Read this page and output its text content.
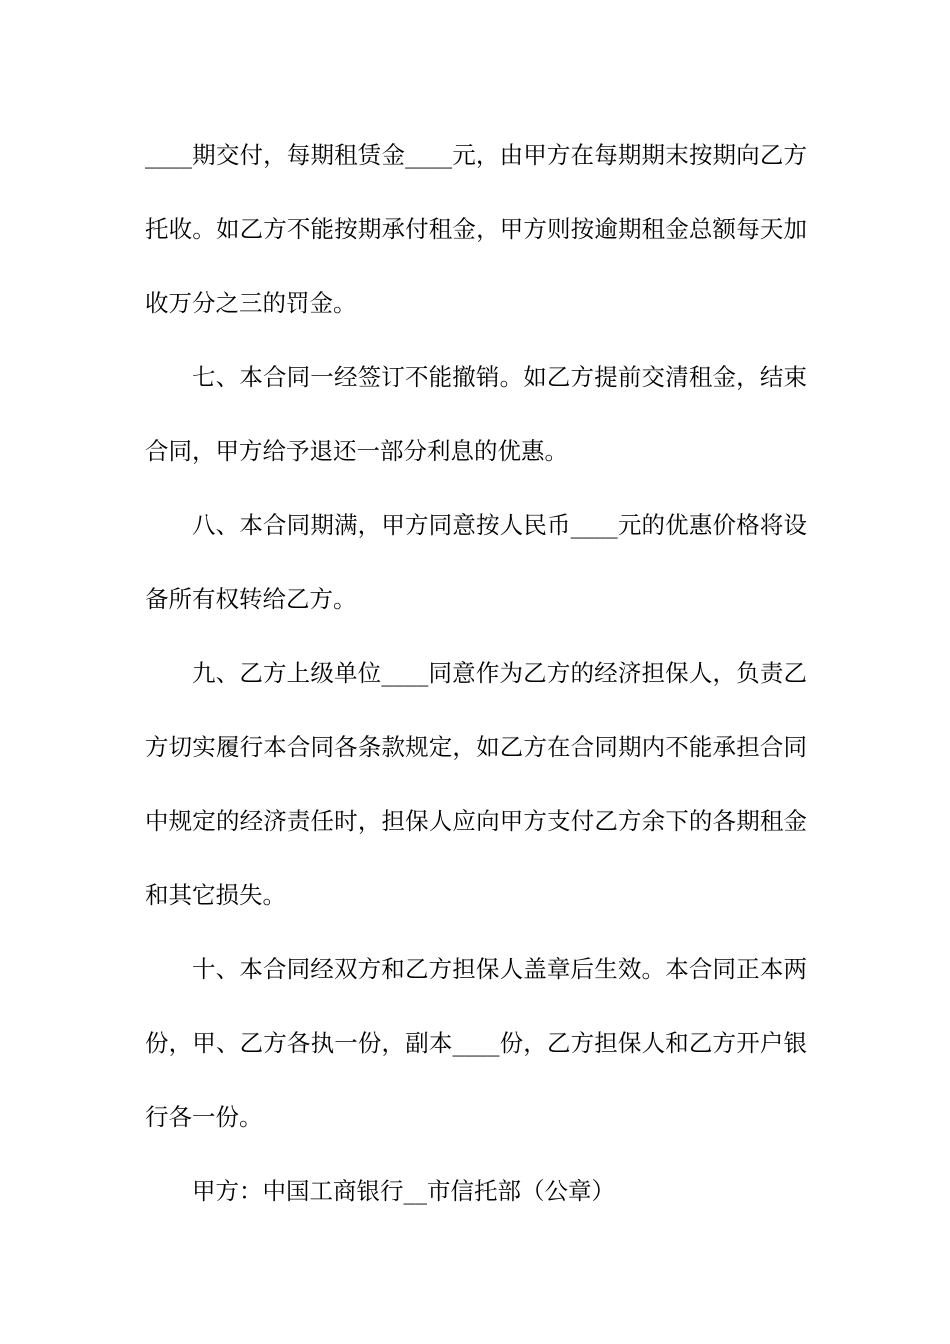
____期交付，每期租赁金____元，由甲方在每期期末按期向乙方托收。如乙方不能按期承付租金，甲方则按逾期租金总额每天加收万分之三的罚金。

七、本合同一经签订不能撤销。如乙方提前交清租金，结束合同，甲方给予退还一部分利息的优惠。

八、本合同期满，甲方同意按人民币____元的优惠价格将设备所有权转给乙方。

九、乙方上级单位____同意作为乙方的经济担保人，负责乙方切实履行本合同各条款规定，如乙方在合同期内不能承担合同中规定的经济责任时，担保人应向甲方支付乙方余下的各期租金和其它损失。

十、本合同经双方和乙方担保人盖章后生效。本合同正本两份，甲、乙方各执一份，副本____份，乙方担保人和乙方开户银行各一份。

甲方：中国工商银行__市信托部（公章）
